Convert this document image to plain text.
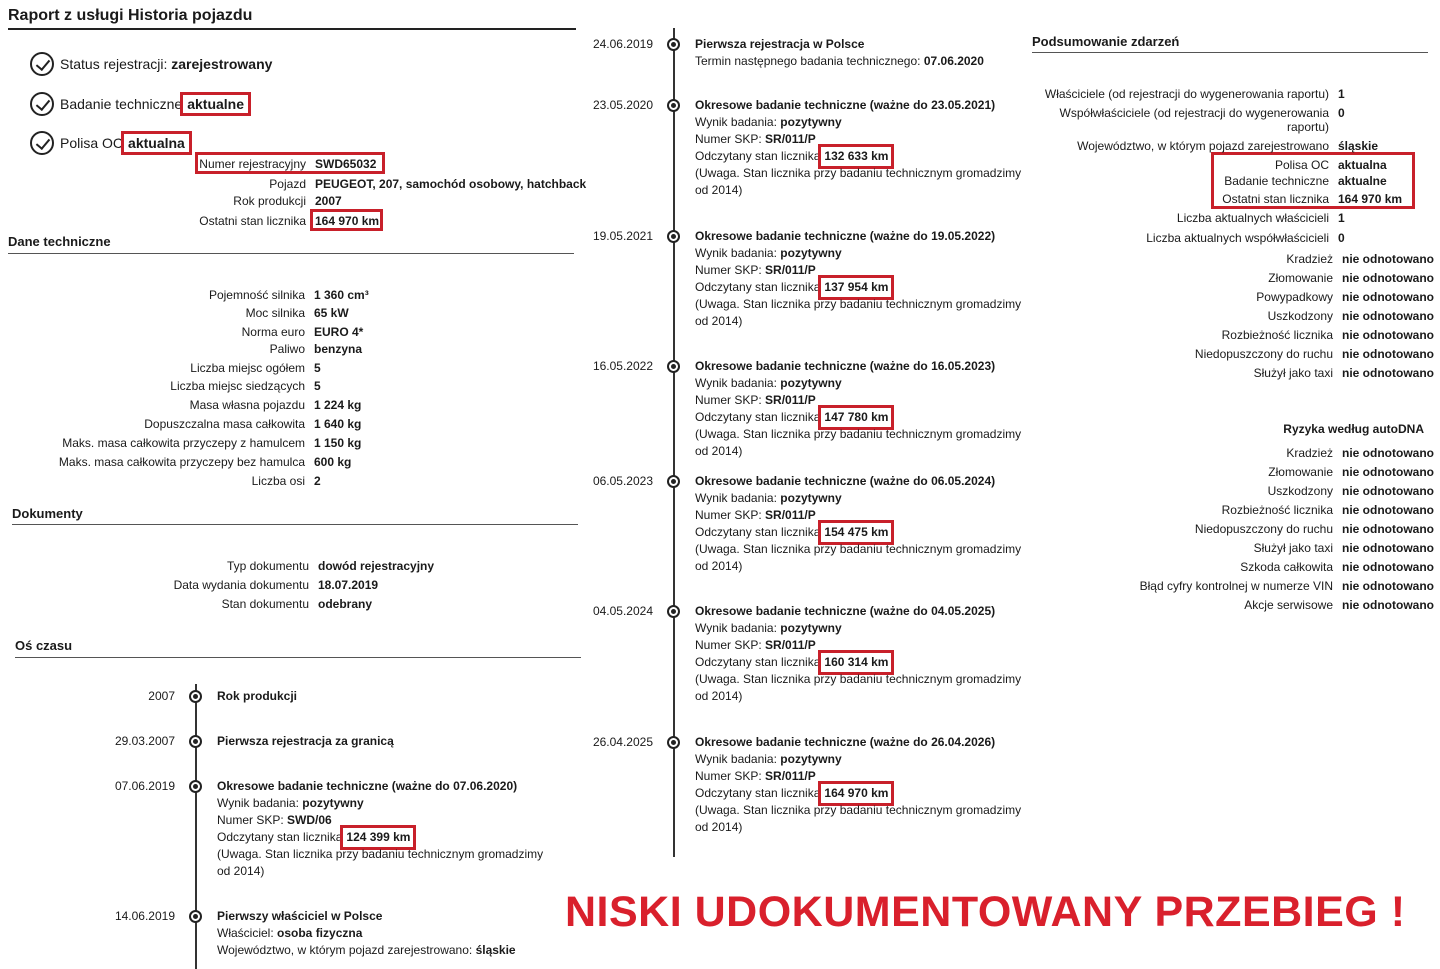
Raport z usługi Historia pojazdu
Status rejestracji:
zarejestrowany
Badanie techniczne aktualne
Polisa OC aktualna
Numer rejestracyjny SWD65032
Pojazd PEUGEOT, 207, samochód osobowy, hatchback
Rok produkcji 2007
Ostatni stan licznika 164 970 km
Dane techniczne
Pojemność silnika 1 360 cm³
Moc silnika 65 kW
Norma euro EURO 4*
Paliwo benzyna
Liczba miejsc ogółem 5
Liczba miejsc siedzących 5
Masa własna pojazdu 1 224 kg
Dopuszczalna masa całkowita 1 640 kg
Maks. masa całkowita przyczepy z hamulcem 1 150 kg
Maks. masa całkowita przyczepy bez hamulca 600 kg
Liczba osi 2
Dokumenty
Typ dokumentu dowód rejestracyjny
Data wydania dokumentu 18.07.2019
Stan dokumentu odebrany
Oś czasu
2007	Rok produkcji
29.03.2007	Pierwsza rejestracja za granicą
07.06.2019	Okresowe badanie techniczne (ważne do 07.06.2020)
Wynik badania: pozytywny
Numer SKP: SWD/06
Odczytany stan licznika 124 399 km
(Uwaga. Stan licznika przy badaniu technicznym gromadzimy od 2014)
14.06.2019	Pierwszy właściciel w Polsce
Właściciel: osoba fizyczna
Województwo, w którym pojazd zarejestrowano: śląskie
24.06.2019	Pierwsza rejestracja w Polsce
Termin następnego badania technicznego: 07.06.2020
23.05.2020	Okresowe badanie techniczne (ważne do 23.05.2021)
Wynik badania: pozytywny
Numer SKP: SR/011/P
Odczytany stan licznika 132 633 km
(Uwaga. Stan licznika przy badaniu technicznym gromadzimy od 2014)
19.05.2021	Okresowe badanie techniczne (ważne do 19.05.2022)
Wynik badania: pozytywny
Numer SKP: SR/011/P
Odczytany stan licznika 137 954 km
(Uwaga. Stan licznika przy badaniu technicznym gromadzimy od 2014)
16.05.2022	Okresowe badanie techniczne (ważne do 16.05.2023)
Wynik badania: pozytywny
Numer SKP: SR/011/P
Odczytany stan licznika 147 780 km
(Uwaga. Stan licznika przy badaniu technicznym gromadzimy od 2014)
06.05.2023	Okresowe badanie techniczne (ważne do 06.05.2024)
Wynik badania: pozytywny
Numer SKP: SR/011/P
Odczytany stan licznika 154 475 km
(Uwaga. Stan licznika przy badaniu technicznym gromadzimy od 2014)
04.05.2024	Okresowe badanie techniczne (ważne do 04.05.2025)
Wynik badania: pozytywny
Numer SKP: SR/011/P
Odczytany stan licznika 160 314 km
(Uwaga. Stan licznika przy badaniu technicznym gromadzimy od 2014)
26.04.2025	Okresowe badanie techniczne (ważne do 26.04.2026)
Wynik badania: pozytywny
Numer SKP: SR/011/P
Odczytany stan licznika 164 970 km
(Uwaga. Stan licznika przy badaniu technicznym gromadzimy od 2014)
Podsumowanie zdarzeń
Właściciele (od rejestracji do wygenerowania raportu) 1
Współwłaściciele (od rejestracji do wygenerowania raportu)
0
Województwo, w którym pojazd zarejestrowano śląskie
Polisa OC aktualna
Badanie techniczne aktualne
Ostatni stan licznika 164 970 km
Liczba aktualnych właścicieli 1
Liczba aktualnych współwłaścicieli 0
Kradzież nie odnotowano
Złomowanie nie odnotowano
Powypadkowy nie odnotowano
Uszkodzony nie odnotowano
Rozbieżność licznika nie odnotowano
Niedopuszczony do ruchu nie odnotowano
Służył jako taxi nie odnotowano
Ryzyka według autoDNA
Kradzież nie odnotowano
Złomowanie nie odnotowano
Uszkodzony nie odnotowano
Rozbieżność licznika nie odnotowano
Niedopuszczony do ruchu nie odnotowano
Służył jako taxi nie odnotowano
Szkoda całkowita nie odnotowano
Błąd cyfry kontrolnej w numerze VIN nie odnotowano
Akcje serwisowe nie odnotowano
NISKI UDOKUMENTOWANY PRZEBIEG !
